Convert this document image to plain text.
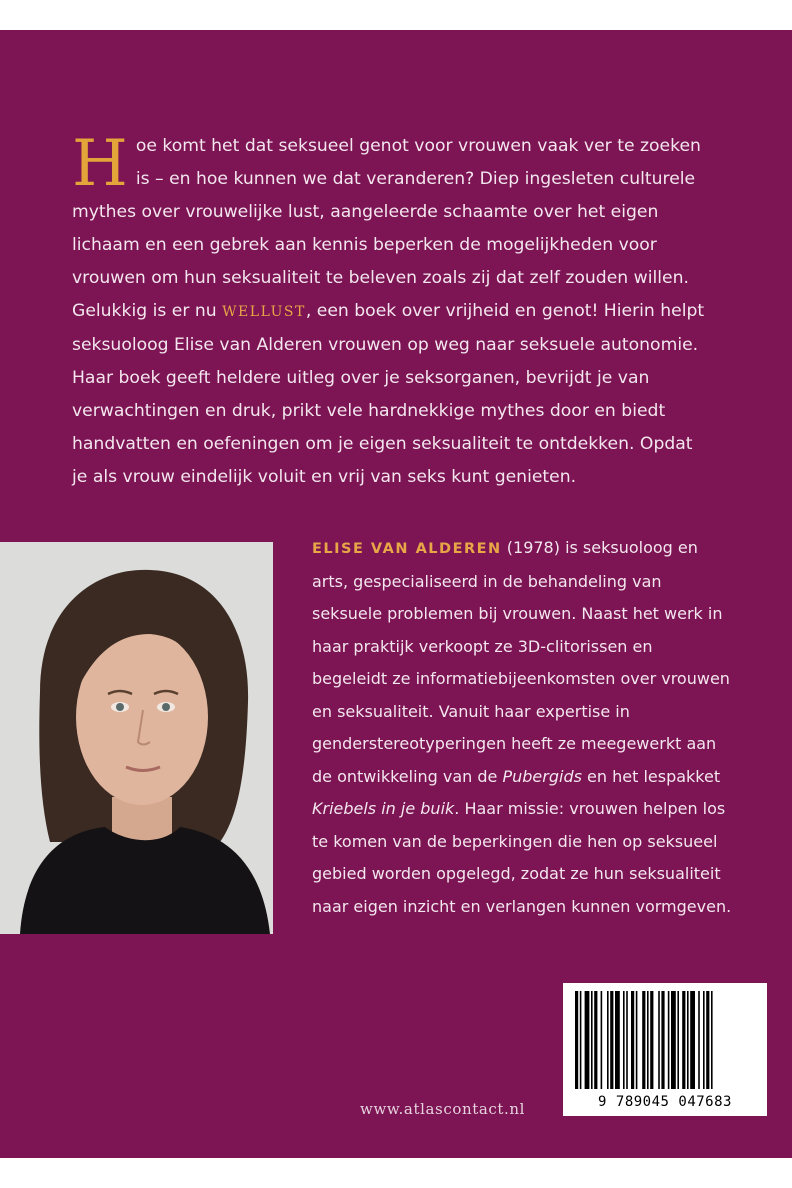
Hoe komt het dat seksueel genot voor vrouwen vaak ver te zoeken is – en hoe kunnen we dat veranderen? Diep ingesleten culturele mythes over vrouwelijke lust, aangeleerde schaamte over het eigen lichaam en een gebrek aan kennis beperken de mogelijkheden voor vrouwen om hun seksualiteit te beleven zoals zij dat zelf zouden willen. Gelukkig is er nu WELLUST, een boek over vrijheid en genot! Hierin helpt seksuoloog Elise van Alderen vrouwen op weg naar seksuele autonomie. Haar boek geeft heldere uitleg over je seksorganen, bevrijdt je van verwachtingen en druk, prikt vele hardnekkige mythes door en biedt handvatten en oefeningen om je eigen seksualiteit te ontdekken. Opdat je als vrouw eindelijk voluit en vrij van seks kunt genieten.

ELISE VAN ALDEREN (1978) is seksuoloog en arts, gespecialiseerd in de behandeling van seksuele problemen bij vrouwen. Naast het werk in haar praktijk verkoopt ze 3D-clitorissen en begeleidt ze informatiebijeenkomsten over vrouwen en seksualiteit. Vanuit haar expertise in genderstereotyperingen heeft ze meegewerkt aan de ontwikkeling van de Pubergids en het lespakket Kriebels in je buik. Haar missie: vrouwen helpen los te komen van de beperkingen die hen op seksueel gebied worden opgelegd, zodat ze hun seksualiteit naar eigen inzicht en verlangen kunnen vormgeven.

www.atlascontact.nl	9 789045 047683
